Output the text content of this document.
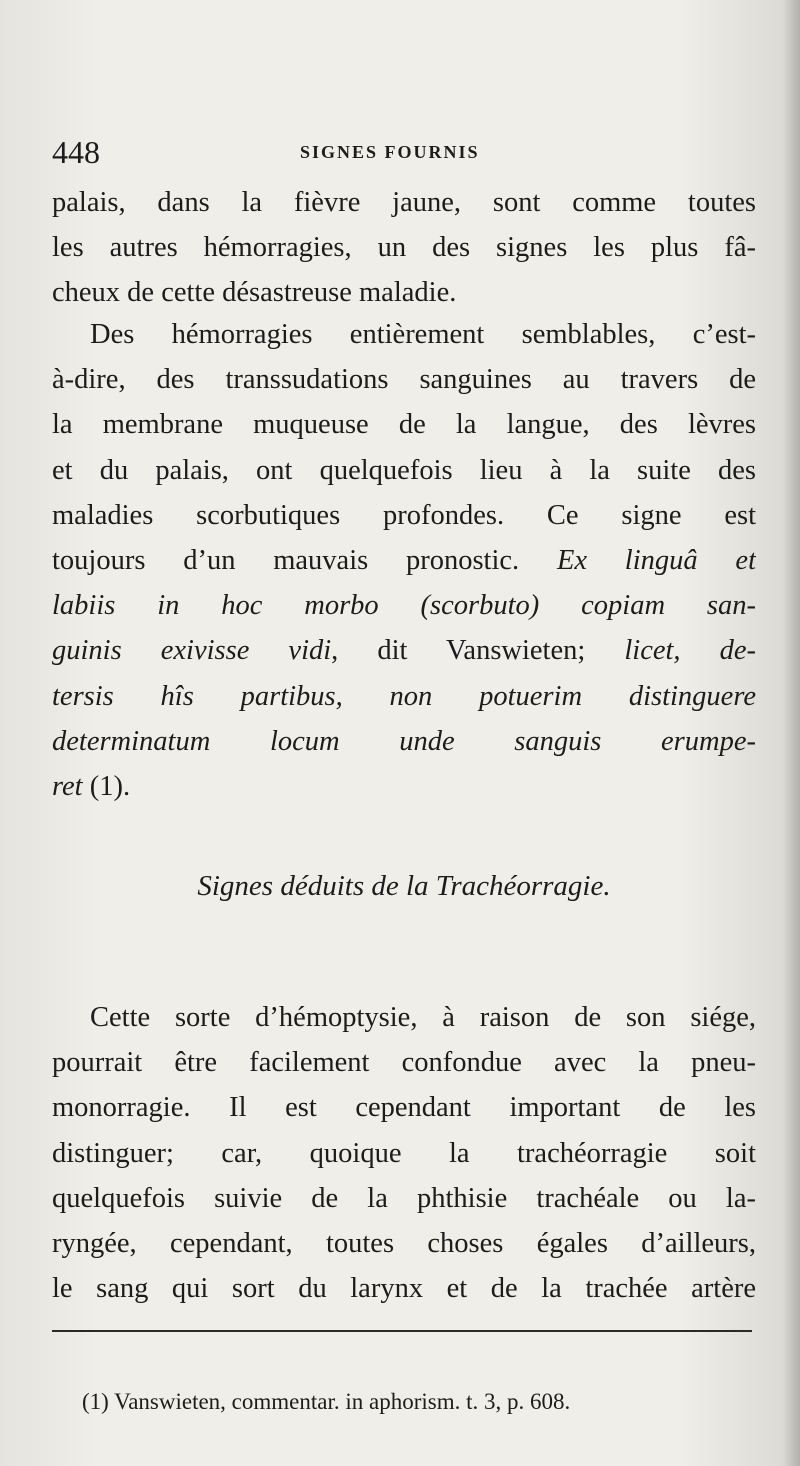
448	SIGNES FOURNIS
palais, dans la fièvre jaune, sont comme toutes
les autres hémorragies, un des signes les plus fâ-
cheux de cette désastreuse maladie.
Des hémorragies entièrement semblables, c’est-
à-dire, des transsudations sanguines au travers de
la membrane muqueuse de la langue, des lèvres
et du palais, ont quelquefois lieu à la suite des
maladies scorbutiques profondes. Ce signe est
toujours d’un mauvais pronostic. Ex linguâ et
labiis in hoc morbo (scorbuto) copiam san-
guinis exivisse vidi, dit Vanswieten; licet, de-
tersis hîs partibus, non potuerim distinguere
determinatum locum unde sanguis erumpe-
ret (1).
Signes déduits de la Trachéorragie.
Cette sorte d’hémoptysie, à raison de son siége,
pourrait être facilement confondue avec la pneu-
monorragie. Il est cependant important de les
distinguer; car, quoique la trachéorragie soit
quelquefois suivie de la phthisie trachéale ou la-
ryngée, cependant, toutes choses égales d’ailleurs,
le sang qui sort du larynx et de la trachée artère
(1) Vanswieten, commentar. in aphorism. t. 3, p. 608.
